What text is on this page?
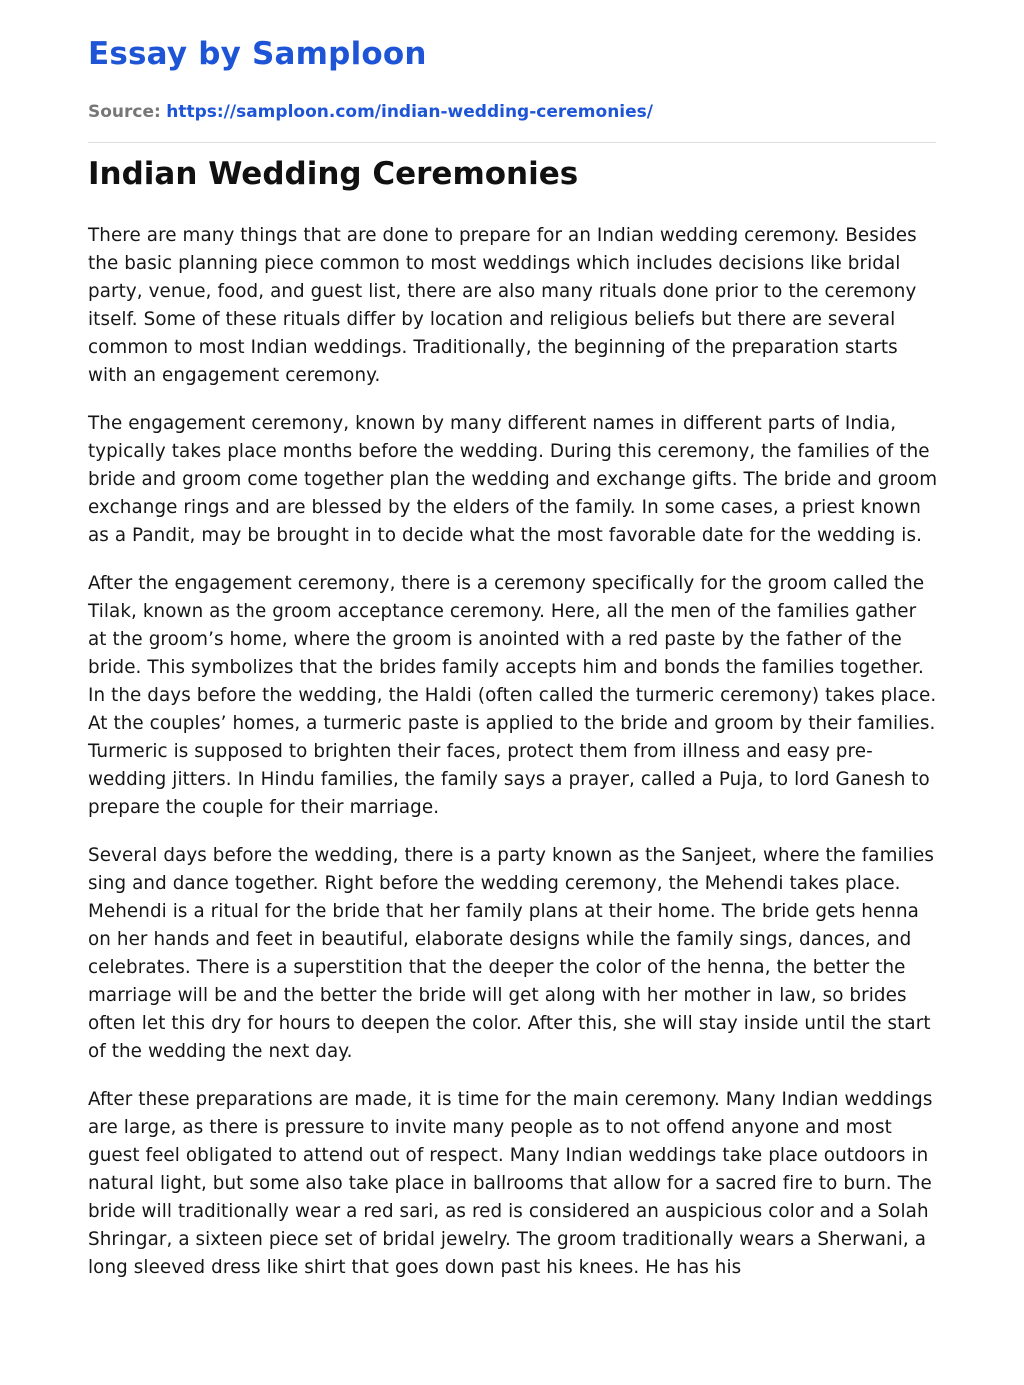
Essay by Samploon

Source: https://samploon.com/indian-wedding-ceremonies/

Indian Wedding Ceremonies

There are many things that are done to prepare for an Indian wedding ceremony. Besides the basic planning piece common to most weddings which includes decisions like bridal party, venue, food, and guest list, there are also many rituals done prior to the ceremony itself. Some of these rituals differ by location and religious beliefs but there are several common to most Indian weddings. Traditionally, the beginning of the preparation starts with an engagement ceremony.

The engagement ceremony, known by many different names in different parts of India, typically takes place months before the wedding. During this ceremony, the families of the bride and groom come together plan the wedding and exchange gifts. The bride and groom exchange rings and are blessed by the elders of the family. In some cases, a priest known as a Pandit, may be brought in to decide what the most favorable date for the wedding is.

After the engagement ceremony, there is a ceremony specifically for the groom called the Tilak, known as the groom acceptance ceremony. Here, all the men of the families gather at the groom’s home, where the groom is anointed with a red paste by the father of the bride. This symbolizes that the brides family accepts him and bonds the families together. In the days before the wedding, the Haldi (often called the turmeric ceremony) takes place. At the couples’ homes, a turmeric paste is applied to the bride and groom by their families. Turmeric is supposed to brighten their faces, protect them from illness and easy pre-wedding jitters. In Hindu families, the family says a prayer, called a Puja, to lord Ganesh to prepare the couple for their marriage.

Several days before the wedding, there is a party known as the Sanjeet, where the families sing and dance together. Right before the wedding ceremony, the Mehendi takes place. Mehendi is a ritual for the bride that her family plans at their home. The bride gets henna on her hands and feet in beautiful, elaborate designs while the family sings, dances, and celebrates. There is a superstition that the deeper the color of the henna, the better the marriage will be and the better the bride will get along with her mother in law, so brides often let this dry for hours to deepen the color. After this, she will stay inside until the start of the wedding the next day.

After these preparations are made, it is time for the main ceremony. Many Indian weddings are large, as there is pressure to invite many people as to not offend anyone and most guest feel obligated to attend out of respect. Many Indian weddings take place outdoors in natural light, but some also take place in ballrooms that allow for a sacred fire to burn. The bride will traditionally wear a red sari, as red is considered an auspicious color and a Solah Shringar, a sixteen piece set of bridal jewelry. The groom traditionally wears a Sherwani, a long sleeved dress like shirt that goes down past his knees. He has his
